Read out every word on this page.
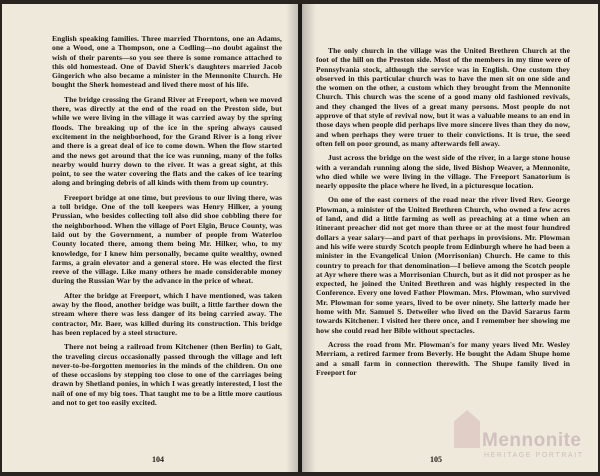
English speaking families. Three married Thorntons, one an Adams, one a Wood, one a Thompson, one a Codling—no doubt against the wish of their parents—so you see there is some romance attached to this old homestead. One of David Sherk's daughters married Jacob Gingerich who also became a minister in the Mennonite Church. He bought the Sherk homestead and lived there most of his life.

The bridge crossing the Grand River at Freeport, when we moved there, was directly at the end of the road on the Preston side, but while we were living in the village it was carried away by the spring floods. The breaking up of the ice in the spring always caused excitement in the neighborhood, for the Grand River is a long river and there is a great deal of ice to come down. When the flow started and the news got around that the ice was running, many of the folks nearby would hurry down to the river. It was a great sight, at this point, to see the water covering the flats and the cakes of ice tearing along and bringing debris of all kinds with them from up country.

Freeport bridge at one time, but previous to our living there, was a toll bridge. One of the toll keepers was Henry Hilker, a young Prussian, who besides collecting toll also did shoe cobbling there for the neighborhood. When the village of Port Elgin, Bruce County, was laid out by the Government, a number of people from Waterloo County located there, among them being Mr. Hilker, who, to my knowledge, for I knew him personally, became quite wealthy, owned farms, a grain elevator and a general store. He was elected the first reeve of the village. Like many others he made considerable money during the Russian War by the advance in the price of wheat.

After the bridge at Freeport, which I have mentioned, was taken away by the flood, another bridge was built, a little farther down the stream where there was less danger of its being carried away. The contractor, Mr. Baer, was killed during its construction. This bridge has been replaced by a steel structure.

There not being a railroad from Kitchener (then Berlin) to Galt, the traveling circus occasionally passed through the village and left never-to-be-forgotten memories in the minds of the children. On one of these occasions by stepping too close to one of the carriages being drawn by Shetland ponies, in which I was greatly interested, I lost the nail of one of my big toes. That taught me to be a little more cautious and not to get too easily excited.

104

The only church in the village was the United Brethren Church at the foot of the hill on the Preston side. Most of the members in my time were of Pennsylvania stock, although the service was in English. One custom they observed in this particular church was to have the men sit on one side and the women on the other, a custom which they brought from the Mennonite Church. This church was the scene of a good many old fashioned revivals, and they changed the lives of a great many persons. Most people do not approve of that style of revival now, but it was a valuable means to an end in those days when people did perhaps live more sincere lives than they do now, and when perhaps they were truer to their convictions. It is true, the seed often fell on poor ground, as many afterwards fell away.

Just across the bridge on the west side of the river, in a large stone house with a verandah running along the side, lived Bishop Weaver, a Mennonite, who died while we were living in the village. The Freeport Sanatorium is nearly opposite the place where he lived, in a picturesque location.

On one of the east corners of the road near the river lived Rev. George Plowman, a minister of the United Brethren Church, who owned a few acres of land, and did a little farming as well as preaching at a time when an itinerant preacher did not get more than three or at the most four hundred dollars a year salary—and part of that perhaps in provisions. Mr. Plowman and his wife were sturdy Scotch people from Edinburgh where he had been a minister in the Evangelical Union (Morrisonian) Church. He came to this country to preach for that denomination—I believe among the Scotch people at Ayr where there was a Morrisonian Church, but as it did not prosper as he expected, he joined the United Brethren and was highly respected in the Conference. Every one loved Father Plowman. Mrs. Plowman, who survived Mr. Plowman for some years, lived to be over ninety. She latterly made her home with Mr. Samuel S. Detweiler who lived on the David Sararus farm towards Kitchener. I visited her there once, and I remember her showing me how she could read her Bible without spectacles.

Across the road from Mr. Plowman's for many years lived Mr. Wesley Merriam, a retired farmer from Beverly. He bought the Adam Shupe home and a small farm in connection therewith. The Shupe family lived in Freeport for

105
Mennonite
HERITAGE PORTRAIT
